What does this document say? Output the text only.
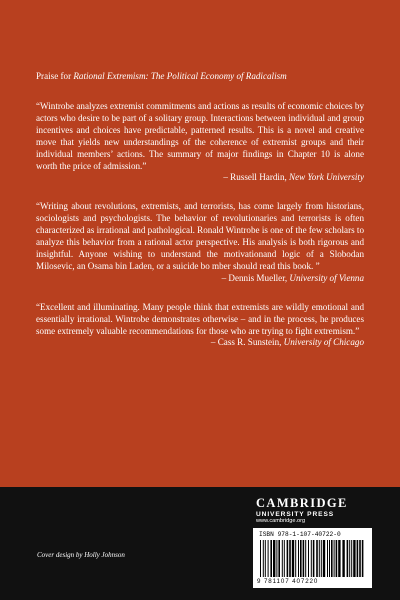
Praise for Rational Extremism: The Political Economy of Radicalism

“Wintrobe analyzes extremist commitments and actions as results of economic choices by actors who desire to be part of a solitary group. Interactions between individual and group incentives and choices have predictable, patterned results. This is a novel and creative move that yields new understandings of the coherence of extremist groups and their individual members’ actions. The summary of major findings in Chapter 10 is alone worth the price of admission.”

– Russell Hardin, New York University

“Writing about revolutions, extremists, and terrorists, has come largely from historians, sociologists and psychologists. The behavior of revolutionaries and terrorists is often characterized as irrational and pathological. Ronald Wintrobe is one of the few scholars to analyze this behavior from a rational actor perspective. His analysis is both rigorous and insightful. Anyone wishing to understand the motivationand logic of a Slobodan Milosevic, an Osama bin Laden, or a suicide bo mber should read this book. ”

– Dennis Mueller, University of Vienna

“Excellent and illuminating. Many people think that extremists are wildly emotional and essentially irrational. Wintrobe demonstrates otherwise – and in the process, he produces some extremely valuable recommendations for those who are trying to fight extremism.”

– Cass R. Sunstein, University of Chicago

Cover design by Holly Johnson
CAMBRIDGE
UNIVERSITY PRESS
www.cambridge.org
ISBN 978-1-107-40722-0
9 781107 407220
